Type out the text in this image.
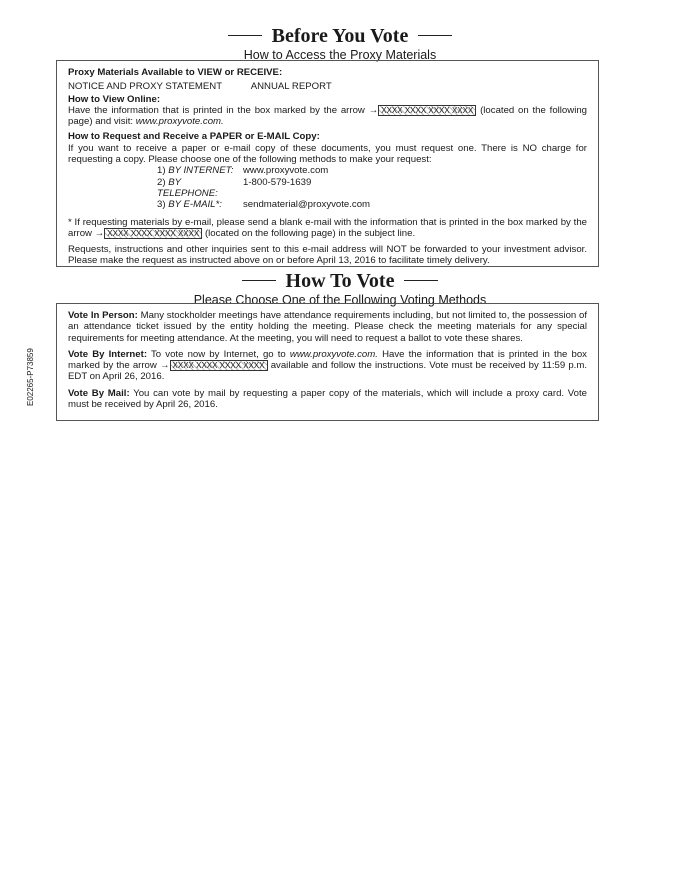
Before You Vote
How to Access the Proxy Materials

Proxy Materials Available to VIEW or RECEIVE:

NOTICE AND PROXY STATEMENT	ANNUAL REPORT

How to View Online:

Have the information that is printed in the box marked by the arrow → XXXX XXXX XXXX XXXX (located on the following page) and visit: www.proxyvote.com.

How to Request and Receive a PAPER or E-MAIL Copy:

If you want to receive a paper or e-mail copy of these documents, you must request one. There is NO charge for requesting a copy. Please choose one of the following methods to make your request:

1) BY INTERNET: www.proxyvote.com
2) BY TELEPHONE:
1-800-579-1639
3) BY E-MAIL*:	sendmaterial@proxyvote.com

* If requesting materials by e-mail, please send a blank e-mail with the information that is printed in the box marked by the arrow → XXXX XXXX XXXX XXXX (located on the following page) in the subject line.

Requests, instructions and other inquiries sent to this e-mail address will NOT be forwarded to your investment advisor. Please make the request as instructed above on or before April 13, 2016 to facilitate timely delivery.

How To Vote
Please Choose One of the Following Voting Methods

Vote In Person: Many stockholder meetings have attendance requirements including, but not limited to, the possession of an attendance ticket issued by the entity holding the meeting. Please check the meeting materials for any special requirements for meeting attendance. At the meeting, you will need to request a ballot to vote these shares.

Vote By Internet: To vote now by Internet, go to www.proxyvote.com. Have the information that is printed in the box marked by the arrow → XXXX XXXX XXXX XXXX available and follow the instructions. Vote must be received by 11:59 p.m. EDT on April 26, 2016.

Vote By Mail: You can vote by mail by requesting a paper copy of the materials, which will include a proxy card. Vote must be received by April 26, 2016.

E02265-P73859
